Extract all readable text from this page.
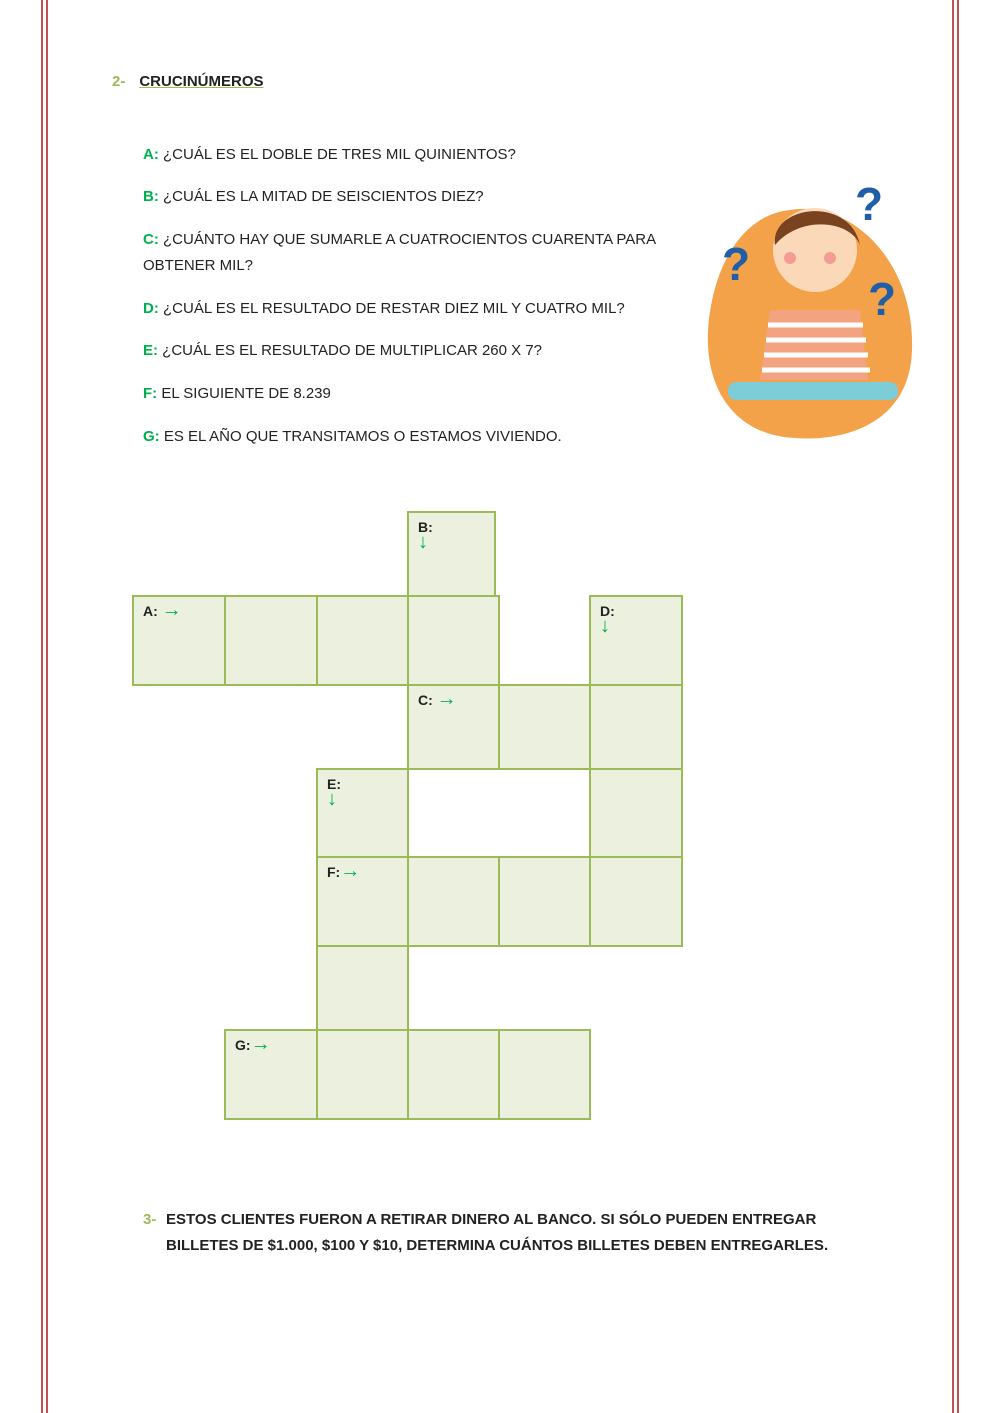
2- CRUCINÚMEROS
A: ¿CUÁL ES EL DOBLE DE TRES MIL QUINIENTOS?
B: ¿CUÁL ES LA MITAD DE SEISCIENTOS DIEZ?
C: ¿CUÁNTO HAY QUE SUMARLE A CUATROCIENTOS CUARENTA PARA OBTENER MIL?
D: ¿CUÁL ES EL RESULTADO DE RESTAR DIEZ MIL Y CUATRO MIL?
E: ¿CUÁL ES EL RESULTADO DE MULTIPLICAR 260 X 7?
F: EL SIGUIENTE DE 8.239
G: ES EL AÑO QUE TRANSITAMOS O ESTAMOS VIVIENDO.
?
?
?
B:
↓
A: →	D:
↓
C: →
E:
↓
F:→
G:→
3- ESTOS CLIENTES FUERON A RETIRAR DINERO AL BANCO. SI SÓLO PUEDEN ENTREGAR
BILLETES DE $1.000, $100 Y $10, DETERMINA CUÁNTOS BILLETES DEBEN ENTREGARLES.
